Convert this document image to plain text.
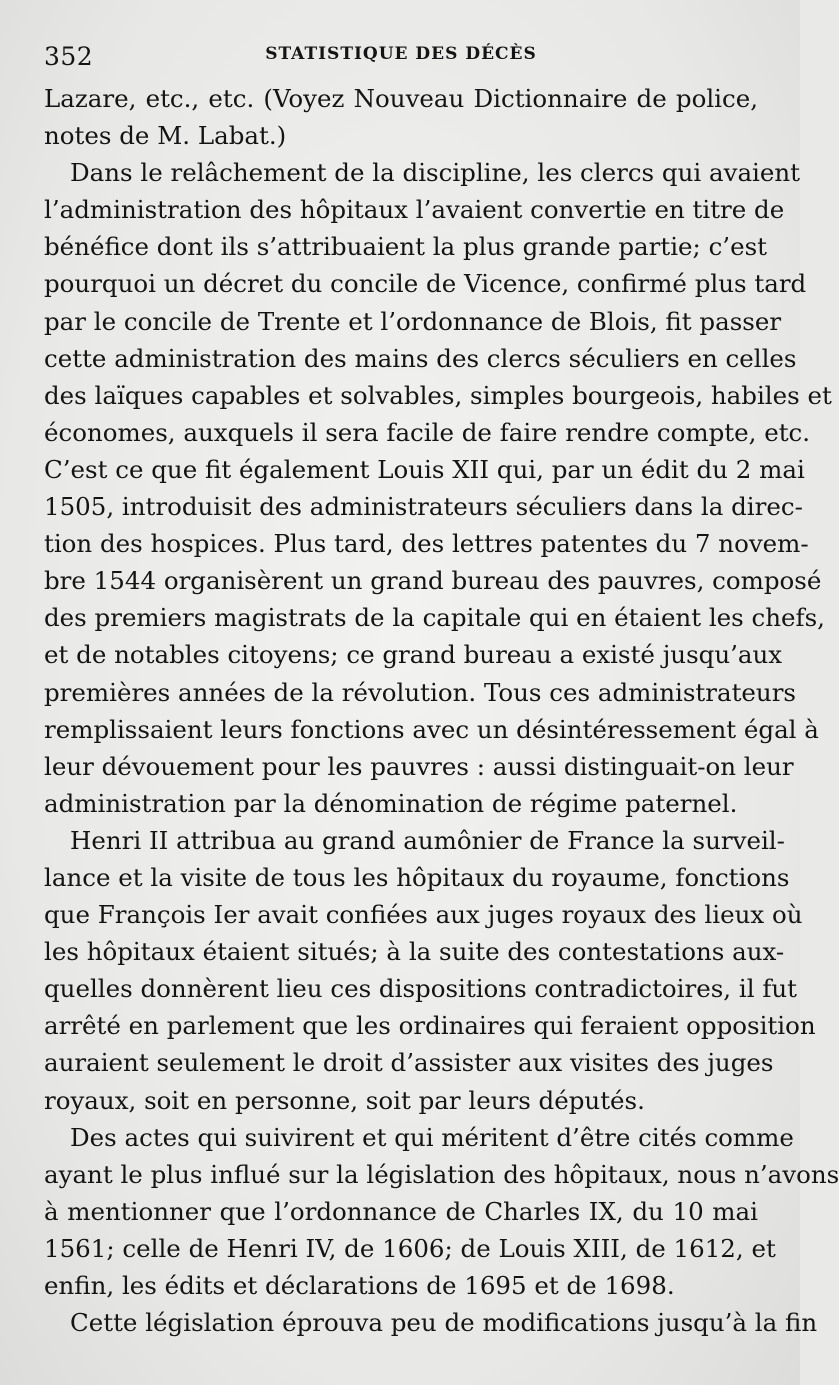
352	STATISTIQUE DES DÉCÈS
Lazare, etc., etc. (Voyez Nouveau Dictionnaire de police,
notes de M. Labat.)
Dans le relâchement de la discipline, les clercs qui avaient
l’administration des hôpitaux l’avaient convertie en titre de
bénéfice dont ils s’attribuaient la plus grande partie; c’est
pourquoi un décret du concile de Vicence, confirmé plus tard
par le concile de Trente et l’ordonnance de Blois, fit passer
cette administration des mains des clercs séculiers en celles
des laïques capables et solvables, simples bourgeois, habiles et
économes, auxquels il sera facile de faire rendre compte, etc.
C’est ce que fit également Louis XII qui, par un édit du 2 mai
1505, introduisit des administrateurs séculiers dans la direc-
tion des hospices. Plus tard, des lettres patentes du 7 novem-
bre 1544 organisèrent un grand bureau des pauvres, composé
des premiers magistrats de la capitale qui en étaient les chefs,
et de notables citoyens; ce grand bureau a existé jusqu’aux
premières années de la révolution. Tous ces administrateurs
remplissaient leurs fonctions avec un désintéressement égal à
leur dévouement pour les pauvres : aussi distinguait-on leur
administration par la dénomination de régime paternel.
Henri II attribua au grand aumônier de France la surveil-
lance et la visite de tous les hôpitaux du royaume, fonctions
que François Ier avait confiées aux juges royaux des lieux où
les hôpitaux étaient situés; à la suite des contestations aux-
quelles donnèrent lieu ces dispositions contradictoires, il fut
arrêté en parlement que les ordinaires qui feraient opposition
auraient seulement le droit d’assister aux visites des juges
royaux, soit en personne, soit par leurs députés.
Des actes qui suivirent et qui méritent d’être cités comme
ayant le plus influé sur la législation des hôpitaux, nous n’avons
à mentionner que l’ordonnance de Charles IX, du 10 mai
1561; celle de Henri IV, de 1606; de Louis XIII, de 1612, et
enfin, les édits et déclarations de 1695 et de 1698.
Cette législation éprouva peu de modifications jusqu’à la fin
